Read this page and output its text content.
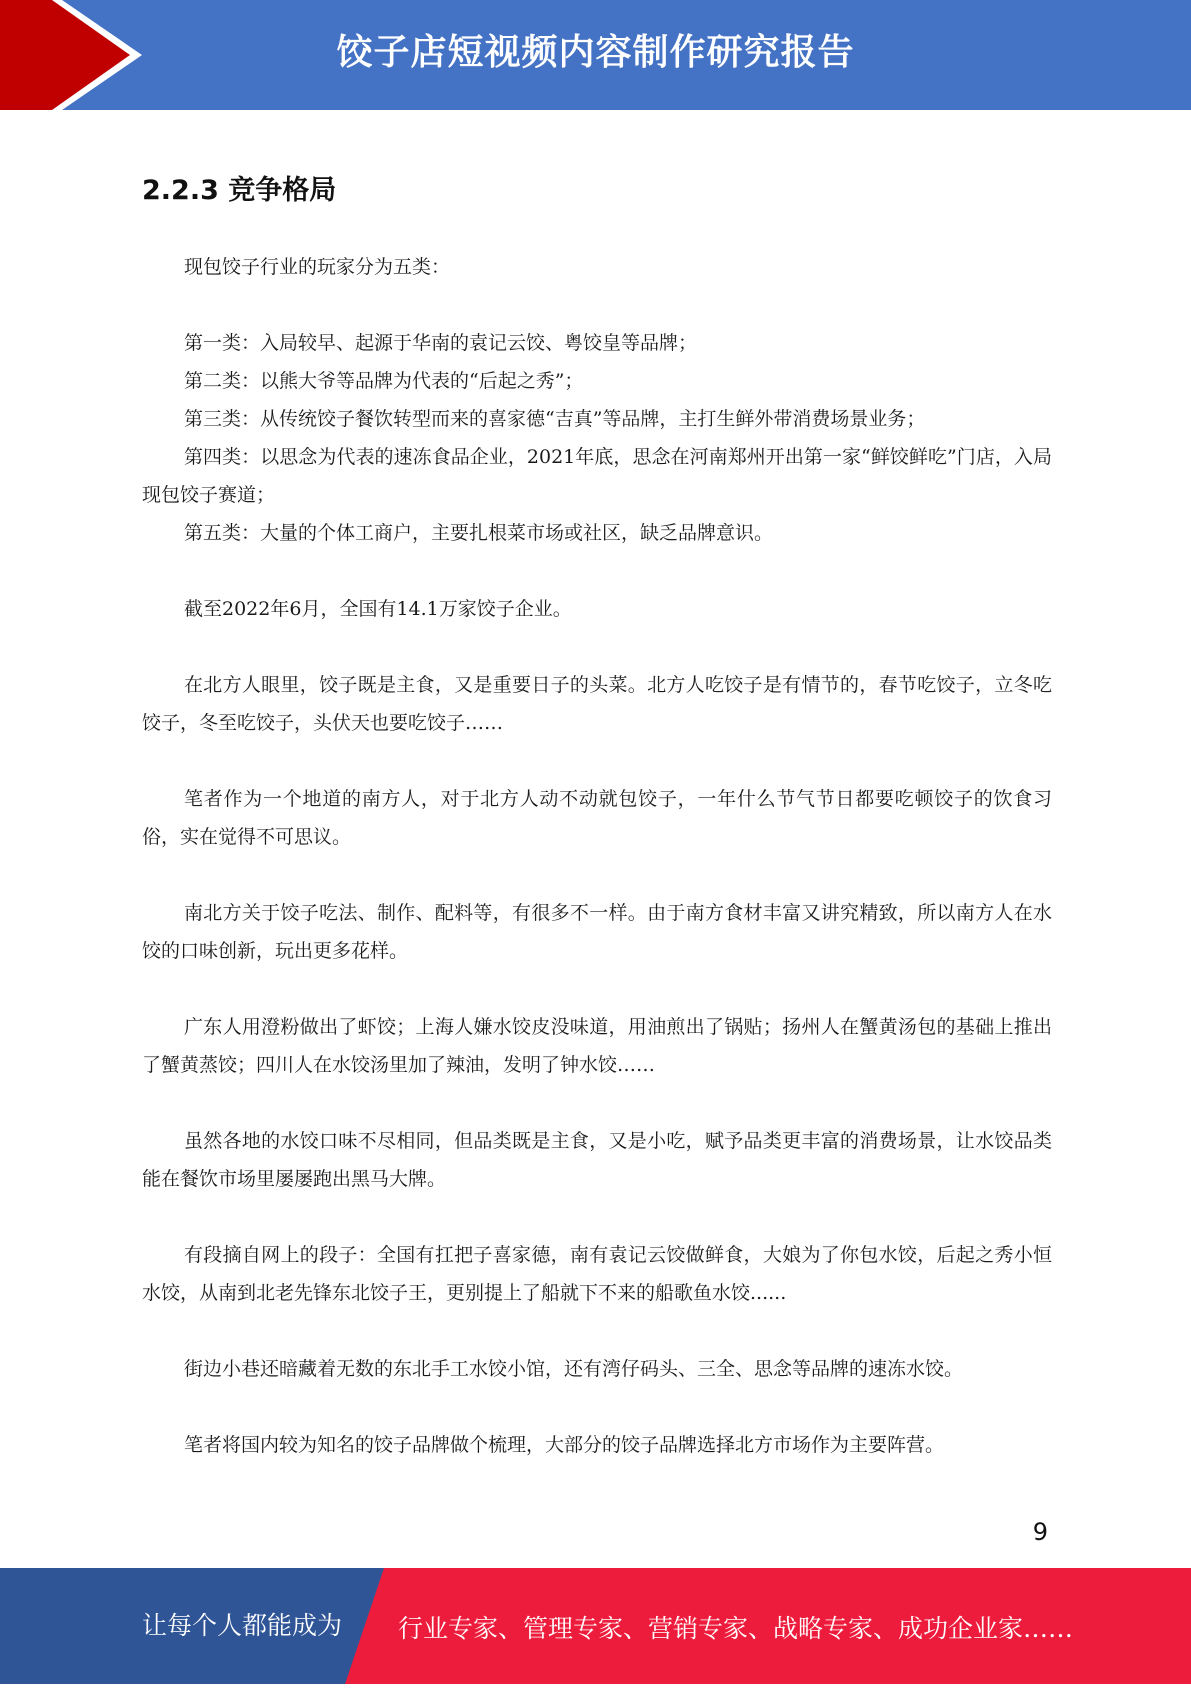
饺子店短视频内容制作研究报告
2.2.3 竞争格局

现包饺子行业的玩家分为五类：

第一类：入局较早、起源于华南的袁记云饺、粤饺皇等品牌；

第二类：以熊大爷等品牌为代表的“后起之秀”；

第三类：从传统饺子餐饮转型而来的喜家德“吉真”等品牌，主打生鲜外带消费场景业务；

第四类：以思念为代表的速冻食品企业，2021年底，思念在河南郑州开出第一家“鲜饺鲜吃”门店，入局现包饺子赛道；

第五类：大量的个体工商户，主要扎根菜市场或社区，缺乏品牌意识。

截至2022年6月，全国有14.1万家饺子企业。

在北方人眼里，饺子既是主食，又是重要日子的头菜。北方人吃饺子是有情节的，春节吃饺子，立冬吃饺子，冬至吃饺子，头伏天也要吃饺子……

笔者作为一个地道的南方人，对于北方人动不动就包饺子，一年什么节气节日都要吃顿饺子的饮食习俗，实在觉得不可思议。

南北方关于饺子吃法、制作、配料等，有很多不一样。由于南方食材丰富又讲究精致，所以南方人在水饺的口味创新，玩出更多花样。

广东人用澄粉做出了虾饺；上海人嫌水饺皮没味道，用油煎出了锅贴；扬州人在蟹黄汤包的基础上推出了蟹黄蒸饺；四川人在水饺汤里加了辣油，发明了钟水饺……

虽然各地的水饺口味不尽相同，但品类既是主食，又是小吃，赋予品类更丰富的消费场景，让水饺品类能在餐饮市场里屡屡跑出黑马大牌。

有段摘自网上的段子：全国有扛把子喜家德，南有袁记云饺做鲜食，大娘为了你包水饺，后起之秀小恒水饺，从南到北老先锋东北饺子王，更别提上了船就下不来的船歌鱼水饺......

街边小巷还暗藏着无数的东北手工水饺小馆，还有湾仔码头、三全、思念等品牌的速冻水饺。

笔者将国内较为知名的饺子品牌做个梳理，大部分的饺子品牌选择北方市场作为主要阵营。

9
让每个人都能成为 行业专家、管理专家、营销专家、战略专家、成功企业家……
